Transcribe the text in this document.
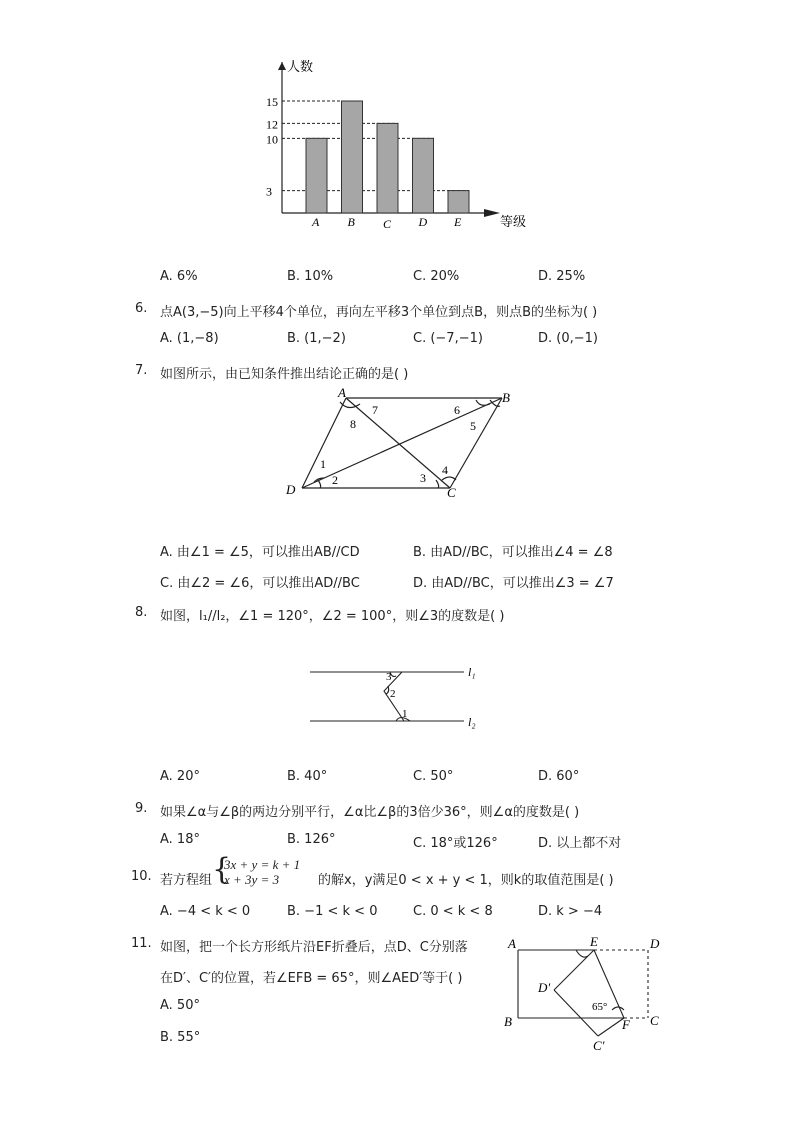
人数
等级
3
10
12
15
A B C D E
A. 6%	B. 10%	C. 20%	D. 25%
6. 点A(3,−5)向上平移4个单位，再向左平移3个单位到点B，则点B的坐标为( )
A. (1,−8)	B. (1,−2)	C. (−7,−1)	D. (0,−1)
7. 如图所示，由已知条件推出结论正确的是( )
A	B
C
D
1
2	3
4
5
6
7
8
A. 由∠1 = ∠5，可以推出AB//CD	B. 由AD//BC，可以推出∠4 = ∠8
C. 由∠2 = ∠6，可以推出AD//BC	D. 由AD//BC，可以推出∠3 = ∠7
8. 如图，l₁//l₂，∠1 = 120°，∠2 = 100°，则∠3的度数是( )
3
2
1
l₁
l₂
A. 20°	B. 40°	C. 50°	D. 60°
9. 如果∠α与∠β的两边分别平行，∠α比∠β的3倍少36°，则∠α的度数是( )
A. 18°	B. 126°	C. 18°或126°	D. 以上都不对
10. 若方程组 {
3x + y = k + 1
x + 3y = 3	的解x，y满足0 < x + y < 1，则k的取值范围是( )
A. −4 < k < 0	B. −1 < k < 0	C. 0 < k < 8	D. k > −4
11. 如图，把一个长方形纸片沿EF折叠后，点D、C分别落
在D′、C′的位置，若∠EFB = 65°，则∠AED′等于( )
A. 50°
B. 55°
A	E	D
B	F C
D′
C′
65°
